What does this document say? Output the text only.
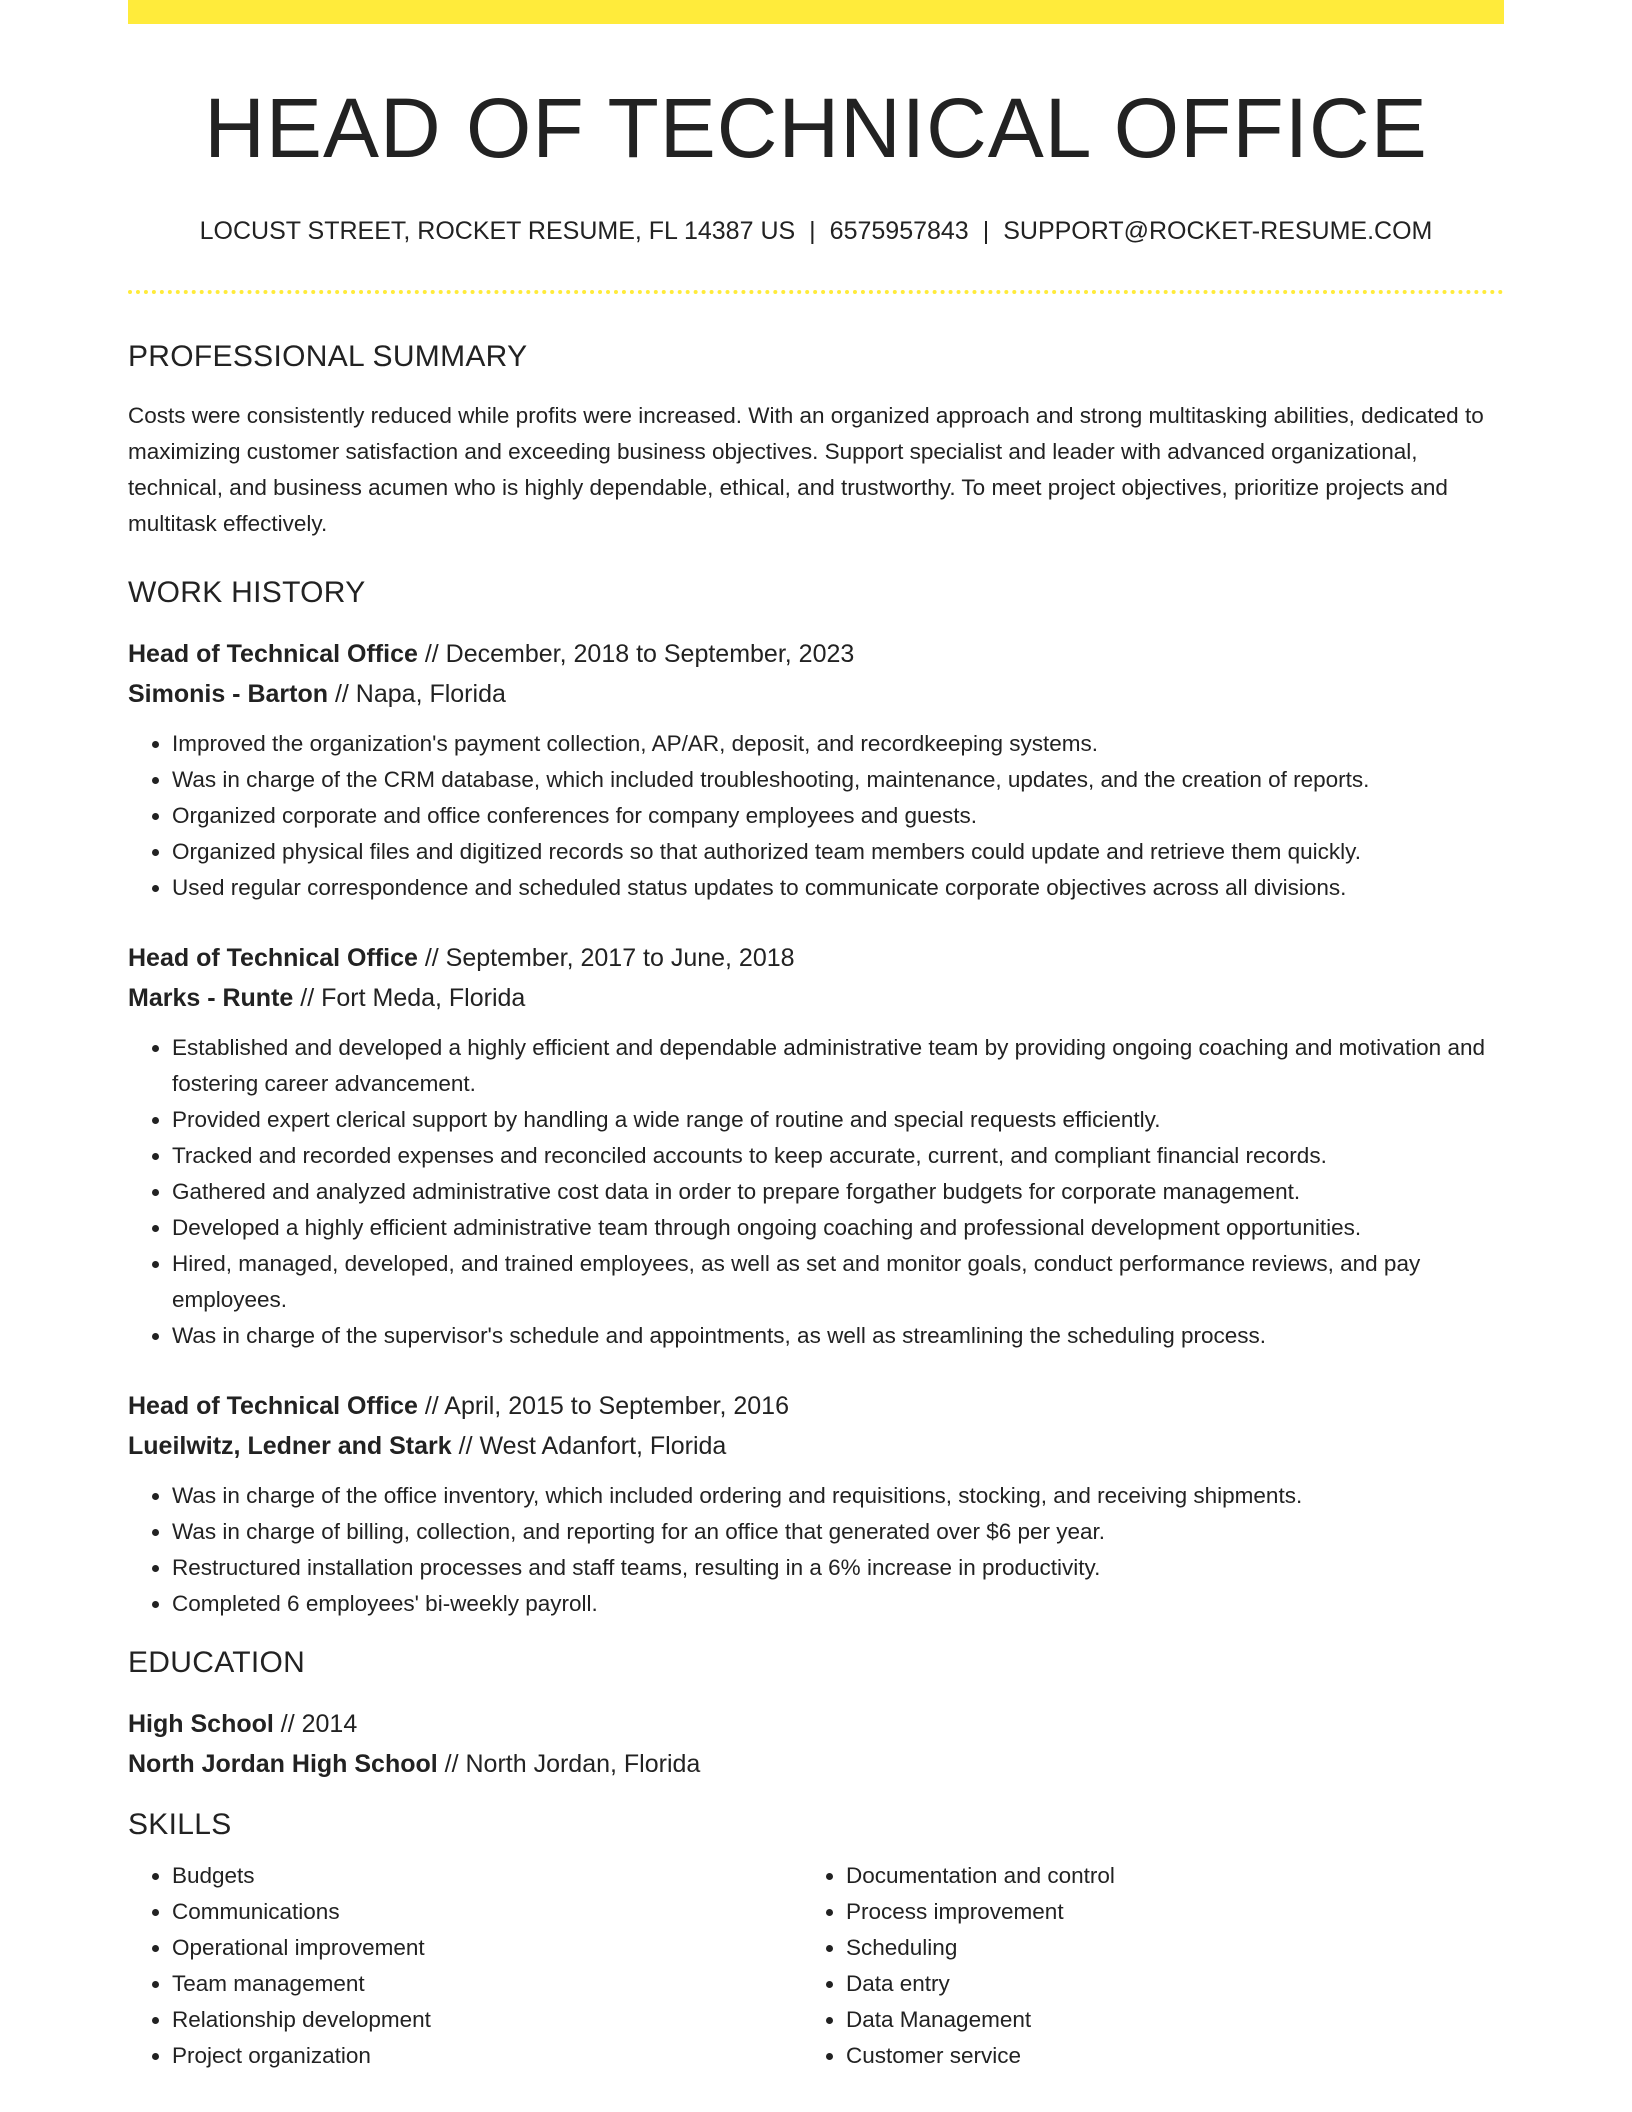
HEAD OF TECHNICAL OFFICE
LOCUST STREET, ROCKET RESUME, FL 14387 US | 6575957843 | SUPPORT@ROCKET-RESUME.COM
PROFESSIONAL SUMMARY
Costs were consistently reduced while profits were increased. With an organized approach and strong multitasking abilities, dedicated to maximizing customer satisfaction and exceeding business objectives. Support specialist and leader with advanced organizational, technical, and business acumen who is highly dependable, ethical, and trustworthy. To meet project objectives, prioritize projects and multitask effectively.
WORK HISTORY
Head of Technical Office // December, 2018 to September, 2023
Simonis - Barton // Napa, Florida
• Improved the organization's payment collection, AP/AR, deposit, and recordkeeping systems.
• Was in charge of the CRM database, which included troubleshooting, maintenance, updates, and the creation of reports.
• Organized corporate and office conferences for company employees and guests.
• Organized physical files and digitized records so that authorized team members could update and retrieve them quickly.
• Used regular correspondence and scheduled status updates to communicate corporate objectives across all divisions.
Head of Technical Office // September, 2017 to June, 2018
Marks - Runte // Fort Meda, Florida
• Established and developed a highly efficient and dependable administrative team by providing ongoing coaching and motivation and fostering career advancement.
• Provided expert clerical support by handling a wide range of routine and special requests efficiently.
• Tracked and recorded expenses and reconciled accounts to keep accurate, current, and compliant financial records.
• Gathered and analyzed administrative cost data in order to prepare forgather budgets for corporate management.
• Developed a highly efficient administrative team through ongoing coaching and professional development opportunities.
• Hired, managed, developed, and trained employees, as well as set and monitor goals, conduct performance reviews, and pay employees.
• Was in charge of the supervisor's schedule and appointments, as well as streamlining the scheduling process.
Head of Technical Office // April, 2015 to September, 2016
Lueilwitz, Ledner and Stark // West Adanfort, Florida
• Was in charge of the office inventory, which included ordering and requisitions, stocking, and receiving shipments.
• Was in charge of billing, collection, and reporting for an office that generated over $6 per year.
• Restructured installation processes and staff teams, resulting in a 6% increase in productivity.
• Completed 6 employees' bi-weekly payroll.
EDUCATION
High School // 2014
North Jordan High School // North Jordan, Florida
SKILLS
• Budgets
• Communications
• Operational improvement
• Team management
• Relationship development
• Project organization
• Documentation and control
• Process improvement
• Scheduling
• Data entry
• Data Management
• Customer service
